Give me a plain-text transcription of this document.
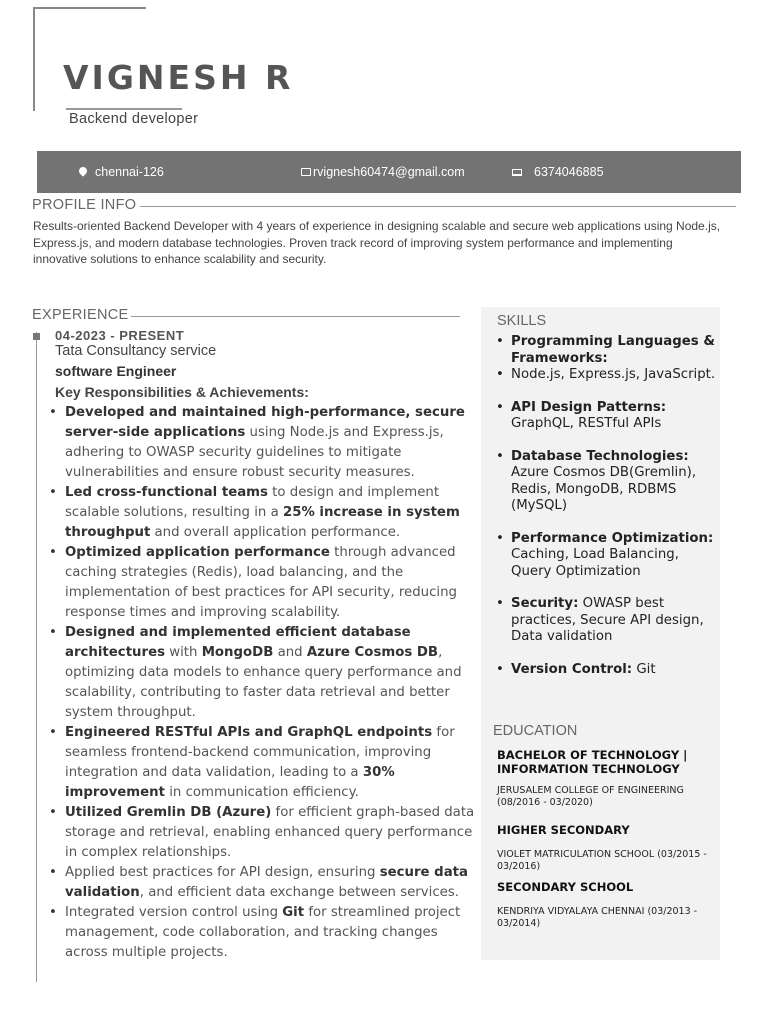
VIGNESH R
Backend developer
chennai-126	rvignesh60474@gmail.com	6374046885
PROFILE INFO
Results-oriented Backend Developer with 4 years of experience in designing scalable and secure web applications using Node.js, Express.js, and modern database technologies. Proven track record of improving system performance and implementing innovative solutions to enhance scalability and security.
EXPERIENCE
04-2023 - PRESENT
Tata Consultancy service
software Engineer
Key Responsibilities & Achievements:
• Developed and maintained high-performance, secure server-side applications using Node.js and Express.js, adhering to OWASP security guidelines to mitigate vulnerabilities and ensure robust security measures.
• Led cross-functional teams to design and implement scalable solutions, resulting in a 25% increase in system throughput and overall application performance.
• Optimized application performance through advanced caching strategies (Redis), load balancing, and the implementation of best practices for API security, reducing response times and improving scalability.
• Designed and implemented efficient database architectures with MongoDB and Azure Cosmos DB, optimizing data models to enhance query performance and scalability, contributing to faster data retrieval and better system throughput.
• Engineered RESTful APIs and GraphQL endpoints for seamless frontend-backend communication, improving integration and data validation, leading to a 30% improvement in communication efficiency.
• Utilized Gremlin DB (Azure) for efficient graph-based data storage and retrieval, enabling enhanced query performance in complex relationships.
• Applied best practices for API design, ensuring secure data validation, and efficient data exchange between services.
• Integrated version control using Git for streamlined project management, code collaboration, and tracking changes across multiple projects.
SKILLS
• Programming Languages & Frameworks:
• Node.js, Express.js, JavaScript.
• API Design Patterns:
GraphQL, RESTful APIs
• Database Technologies:
Azure Cosmos DB(Gremlin), Redis, MongoDB, RDBMS (MySQL)
• Performance Optimization:
Caching, Load Balancing, Query Optimization
• Security: OWASP best practices, Secure API design, Data validation
• Version Control: Git
EDUCATION
BACHELOR OF TECHNOLOGY | INFORMATION TECHNOLOGY
JERUSALEM COLLEGE OF ENGINEERING (08/2016 - 03/2020)
HIGHER SECONDARY
VIOLET MATRICULATION SCHOOL (03/2015 - 03/2016)
SECONDARY SCHOOL
KENDRIYA VIDYALAYA CHENNAI (03/2013 - 03/2014)
